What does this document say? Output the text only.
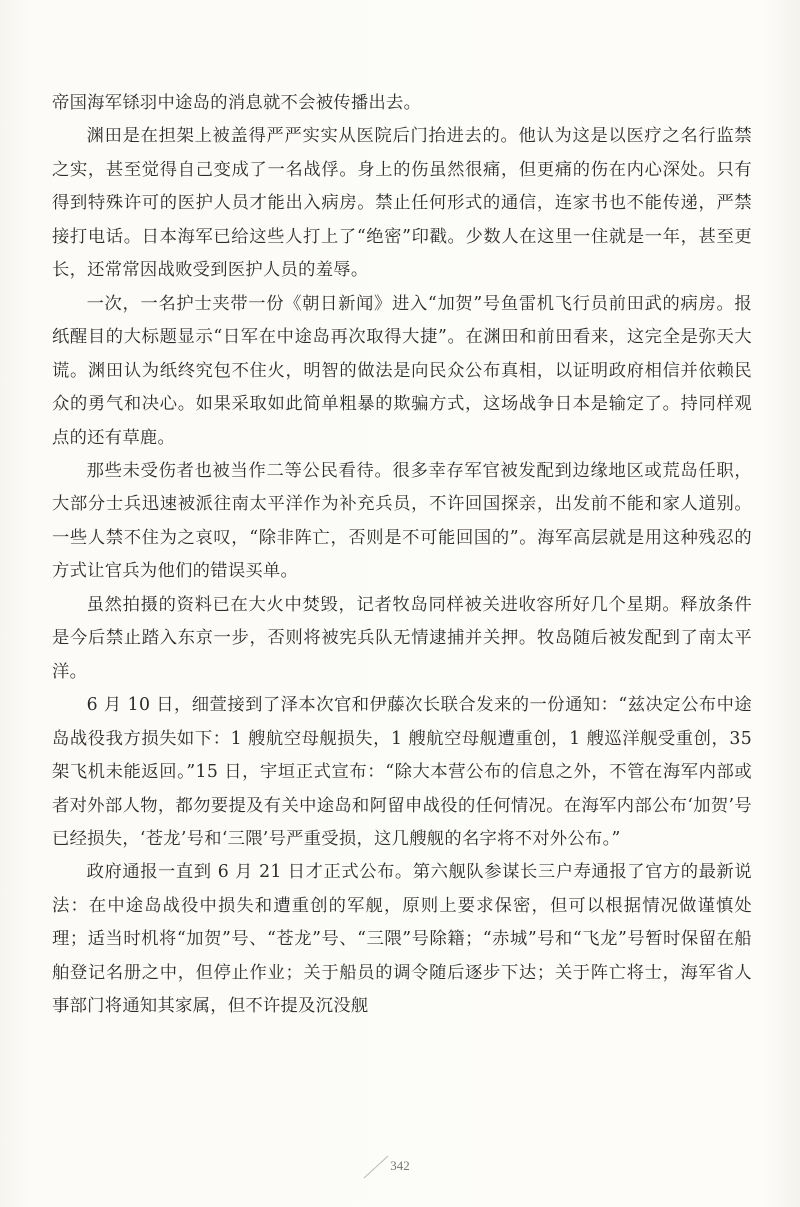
帝国海军铩羽中途岛的消息就不会被传播出去。

渊田是在担架上被盖得严严实实从医院后门抬进去的。他认为这是以医疗之名行监禁之实，甚至觉得自己变成了一名战俘。身上的伤虽然很痛，但更痛的伤在内心深处。只有得到特殊许可的医护人员才能出入病房。禁止任何形式的通信，连家书也不能传递，严禁接打电话。日本海军已给这些人打上了“绝密”印戳。少数人在这里一住就是一年，甚至更长，还常常因战败受到医护人员的羞辱。

一次，一名护士夹带一份《朝日新闻》进入“加贺”号鱼雷机飞行员前田武的病房。报纸醒目的大标题显示“日军在中途岛再次取得大捷”。在渊田和前田看来，这完全是弥天大谎。渊田认为纸终究包不住火，明智的做法是向民众公布真相，以证明政府相信并依赖民众的勇气和决心。如果采取如此简单粗暴的欺骗方式，这场战争日本是输定了。持同样观点的还有草鹿。

那些未受伤者也被当作二等公民看待。很多幸存军官被发配到边缘地区或荒岛任职，大部分士兵迅速被派往南太平洋作为补充兵员，不许回国探亲，出发前不能和家人道别。一些人禁不住为之哀叹，“除非阵亡，否则是不可能回国的”。海军高层就是用这种残忍的方式让官兵为他们的错误买单。

虽然拍摄的资料已在大火中焚毁，记者牧岛同样被关进收容所好几个星期。释放条件是今后禁止踏入东京一步，否则将被宪兵队无情逮捕并关押。牧岛随后被发配到了南太平洋。

6 月 10 日，细萱接到了泽本次官和伊藤次长联合发来的一份通知：“兹决定公布中途岛战役我方损失如下：1 艘航空母舰损失，1 艘航空母舰遭重创，1 艘巡洋舰受重创，35 架飞机未能返回。”15 日，宇垣正式宣布：“除大本营公布的信息之外，不管在海军内部或者对外部人物，都勿要提及有关中途岛和阿留申战役的任何情况。在海军内部公布‘加贺’号已经损失，‘苍龙’号和‘三隈’号严重受损，这几艘舰的名字将不对外公布。”

政府通报一直到 6 月 21 日才正式公布。第六舰队参谋长三户寿通报了官方的最新说法：在中途岛战役中损失和遭重创的军舰，原则上要求保密，但可以根据情况做谨慎处理；适当时机将“加贺”号、“苍龙”号、“三隈”号除籍；“赤城”号和“飞龙”号暂时保留在船舶登记名册之中，但停止作业；关于船员的调令随后逐步下达；关于阵亡将士，海军省人事部门将通知其家属，但不许提及沉没舰

342
